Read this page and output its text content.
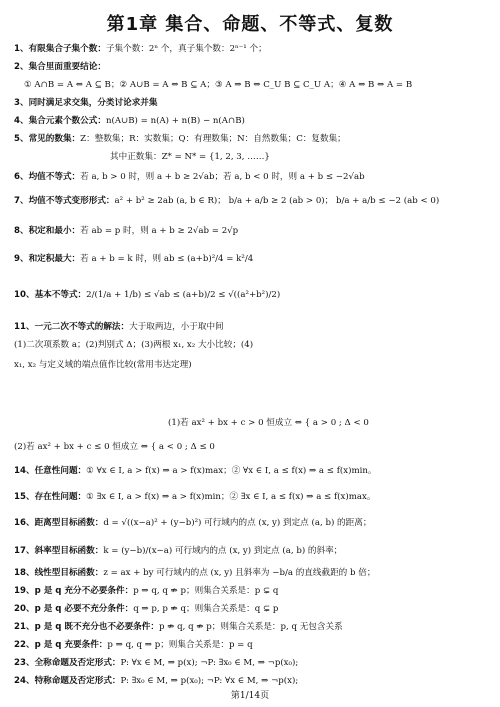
第1章 集合、命题、不等式、复数
1、有限集合子集个数：子集个数：2ⁿ 个，真子集个数：2ⁿ⁻¹ 个；
2、集合里面重要结论：
① A∩B = A ⇔ A ⊆ B；② A∪B = A ⇔ B ⊆ A；③ A ⇒ B ⇔ C_U B ⊆ C_U A；④ A ⇔ B ⇔ A = B
3、同时满足求交集，分类讨论求并集
4、集合元素个数公式：n(A∪B) = n(A) + n(B) − n(A∩B)
5、常见的数集：Z：整数集；R：实数集；Q：有理数集；N：自然数集；C：复数集；
其中正数集：Z* = N* = {1, 2, 3, ……}
6、均值不等式：若 a, b > 0 时，则 a + b ≥ 2√ab；若 a, b < 0 时，则 a + b ≤ −2√ab
7、均值不等式变形形式：a² + b² ≥ 2ab (a, b ∈ R)； b/a + a/b ≥ 2 (ab > 0)； b/a + a/b ≤ −2 (ab < 0)
8、积定和最小：若 ab = p 时，则 a + b ≥ 2√ab = 2√p
9、和定积最大：若 a + b = k 时，则 ab ≤ (a+b)²/4 = k²/4
10、基本不等式：2/(1/a + 1/b) ≤ √ab ≤ (a+b)/2 ≤ √((a²+b²)/2)
11、一元二次不等式的解法：大于取两边，小于取中间
(1)二次项系数 a；(2)判别式 Δ；(3)两根 x₁, x₂ 大小比较；(4)
x₁, x₂ 与定义域的端点值作比较(常用韦达定理)
(1)若 ax² + bx + c > 0 恒成立 ⇔ { a > 0 ; Δ < 0
(2)若 ax² + bx + c ≤ 0 恒成立 ⇔ { a < 0 ; Δ ≤ 0
14、任意性问题：① ∀x ∈ I, a > f(x) ⇒ a > f(x)max；② ∀x ∈ I, a ≤ f(x) ⇒ a ≤ f(x)min。
15、存在性问题：① ∃x ∈ I, a > f(x) ⇒ a > f(x)min；② ∃x ∈ I, a ≤ f(x) ⇒ a ≤ f(x)max。
16、距离型目标函数：d = √((x−a)² + (y−b)²) 可行域内的点 (x, y) 到定点 (a, b) 的距离；
17、斜率型目标函数：k = (y−b)/(x−a) 可行域内的点 (x, y) 到定点 (a, b) 的斜率；
18、线性型目标函数：z = ax + by 可行域内的点 (x, y) 且斜率为 −b/a 的直线截距的 b 倍；
19、p 是 q 充分不必要条件：p ⇒ q, q ⇏ p；则集合关系是：p ⊊ q
20、p 是 q 必要不充分条件：q ⇒ p, p ⇏ q；则集合关系是：q ⊊ p
21、p 是 q 既不充分也不必要条件：p ⇏ q, q ⇏ p；则集合关系是：p, q 无包含关系
22、p 是 q 充要条件：p ⇒ q, q ⇒ p；则集合关系是：p = q
23、全称命题及否定形式：P: ∀x ∈ M, ⇒ p(x); ¬P: ∃x₀ ∈ M, ⇒ ¬p(x₀);
24、特称命题及否定形式：P: ∃x₀ ∈ M, ⇒ p(x₀); ¬P: ∀x ∈ M, ⇒ ¬p(x);
第1/14页
